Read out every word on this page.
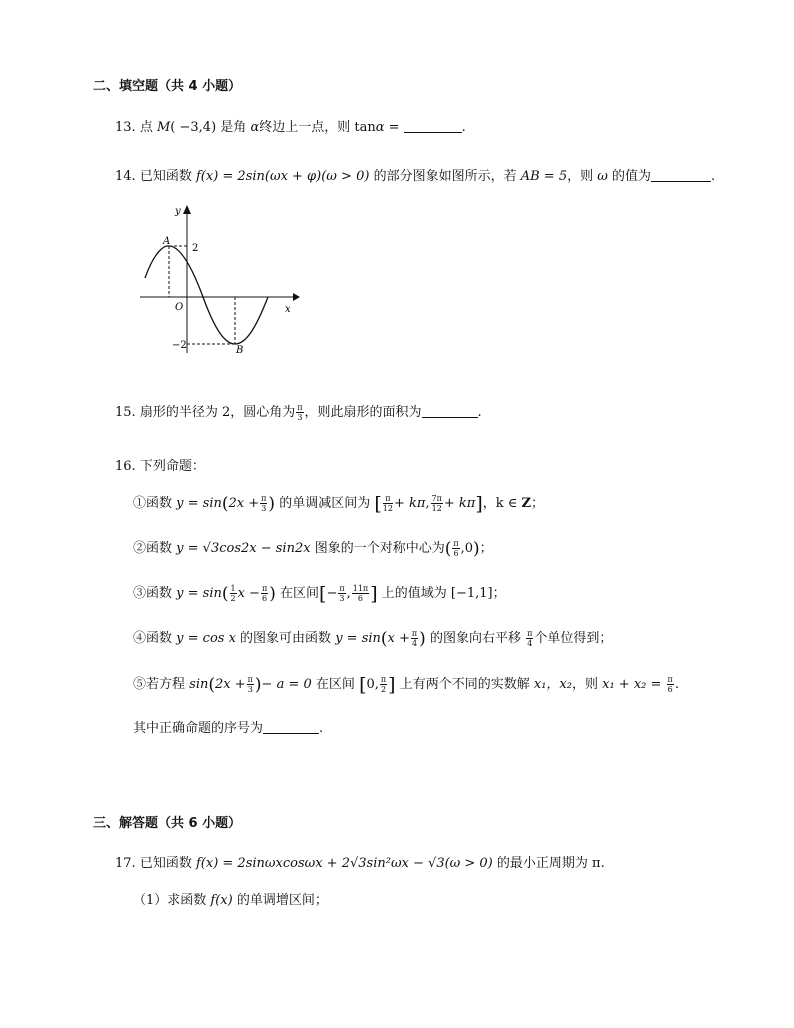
二、填空题（共 4 小题）
13. 点 M( −3,4) 是角 α终边上一点，则 tanα =	.
14. 已知函数 f(x) = 2sin(ωx + φ)(ω > 0) 的部分图象如图所示，若 AB = 5，则 ω 的值为	.
y
x
O
2
−2
A
B
15. 扇形的半径为 2，圆心角为 $\frac{\pi}{3}$ ，则此扇形的面积为	.
16. 下列命题：
①函数 $y = \sin(2x + \frac{\pi}{3}$ ) 的单调减区间为 [ $\frac{\pi}{12} + k\pi$, $\frac{7\pi}{12} + k\pi$]，k ∈ Z；
②函数 y = √3cos2x − sin2x 图象的一个对称中心为( $\frac{\pi}{6} ,0$)；
③函数 $y = \sin( \frac{1}{2}$ $x - \frac{\pi}{6}$ ) 在区间[− $\frac{\pi}{3}$ , $\frac{11\pi}{6}$ ] 上的值域为 [−1,1]；
④函数 y = cos x 的图象可由函数 $y = \sin(x + \frac{\pi}{4}$ ) 的图象向右平移 $\frac{\pi}{4}$ 个单位得到；
⑤若方程 $\sin(2x + \frac{\pi}{3}$ )− a = 0 在区间 [0, $\frac{\pi}{2}$ ] 上有两个不同的实数解 x₁，x₂，则 $x_1 + x_2 = \frac{\pi}{6}$ .
其中正确命题的序号为	.
三、解答题（共 6 小题）
17. 已知函数 f(x) = 2sinωxcosωx + 2√3sin²ωx − √3(ω > 0) 的最小正周期为 π.
（1）求函数 f(x) 的单调增区间；
